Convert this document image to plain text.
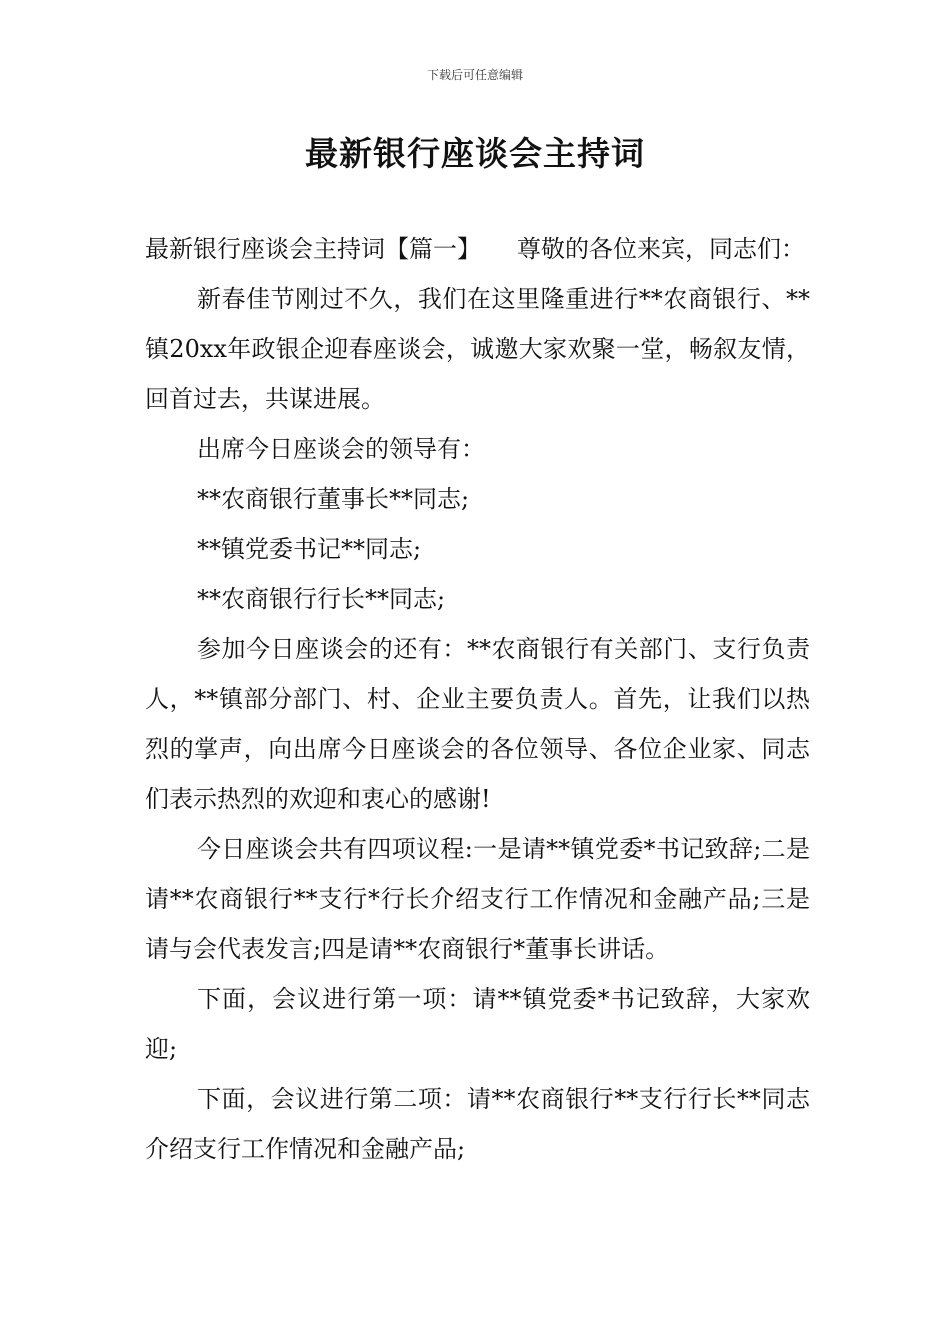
下载后可任意编辑
最新银行座谈会主持词

最新银行座谈会主持词【篇一】　　尊敬的各位来宾，同志们：

新春佳节刚过不久，我们在这里隆重进行**农商银行、**镇20xx年政银企迎春座谈会，诚邀大家欢聚一堂，畅叙友情，回首过去，共谋进展。

出席今日座谈会的领导有：

**农商银行董事长**同志;

**镇党委书记**同志;

**农商银行行长**同志;

参加今日座谈会的还有：**农商银行有关部门、支行负责人，**镇部分部门、村、企业主要负责人。首先，让我们以热烈的掌声，向出席今日座谈会的各位领导、各位企业家、同志们表示热烈的欢迎和衷心的感谢!

今日座谈会共有四项议程:一是请**镇党委*书记致辞;二是请**农商银行**支行*行长介绍支行工作情况和金融产品;三是请与会代表发言;四是请**农商银行*董事长讲话。

下面，会议进行第一项：请**镇党委*书记致辞，大家欢迎;

下面，会议进行第二项：请**农商银行**支行行长**同志介绍支行工作情况和金融产品;
